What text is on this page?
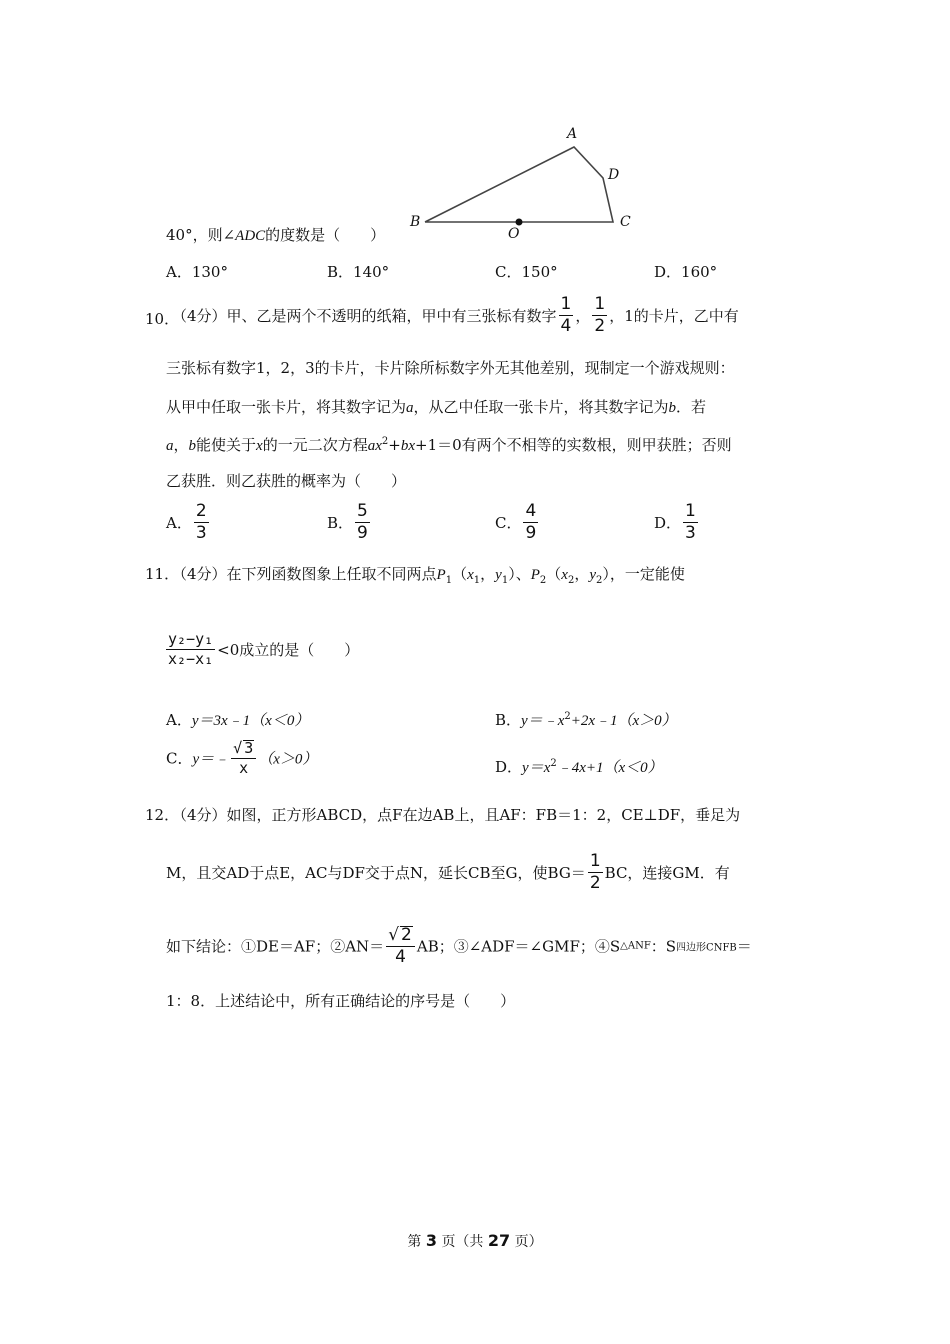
A
D
B
O
C
40°，则∠ADC的度数是（　　）
A．130°	B．140°	C．150°	D．160°
10．
（4分）甲、乙是两个不透明的纸箱，甲中有三张标有数字 $\frac{1}{4}$ ， $\frac{1}{2}$ ，1的卡片，乙中有
三张标有数字1，2，3的卡片，卡片除所标数字外无其他差别，现制定一个游戏规则：
从甲中任取一张卡片，将其数字记为a，从乙中任取一张卡片，将其数字记为b．若
a，b能使关于x的一元二次方程$ax^2+bx+1=0$有两个不相等的实数根，则甲获胜；否则
乙获胜．则乙获胜的概率为（　　）
A． $\frac{2}{3}$	B． $\frac{5}{9}$	C． $\frac{4}{9}$	D． $\frac{1}{3}$
11．
（4分）在下列函数图象上任取不同两点$P_1(x_1$，$y_1$）、$P_2(x_2$，$y_2$），一定能使
$\frac{\text{y₂−y₁}}{\text{x₂−x₁}} <0$成立的是（　　）
A．y＝3x﹣1（x＜0）	B．$y=﹣x^2+2x﹣1(x>0)$
C．y＝﹣ $\frac{√ 3}{x} (x>0)$	D．$y=x^2﹣4x+1(x<0)$
12．
（4分）如图，正方形ABCD，点F在边AB上，且AF：FB＝1：2，CE⊥DF，垂足为
M，且交AD于点E，AC与DF交于点N，延长CB至G，使$BG= \frac{1}{2}$ BC，连接GM．有
如下结论：①DE＝AF；②AN＝ $\frac{√ 2}{4}$ AB；③∠ADF＝∠GMF；④S△ANF：S四边形CNFB＝
1：8．上述结论中，所有正确结论的序号是（　　）
第 3 页（共 27 页）
